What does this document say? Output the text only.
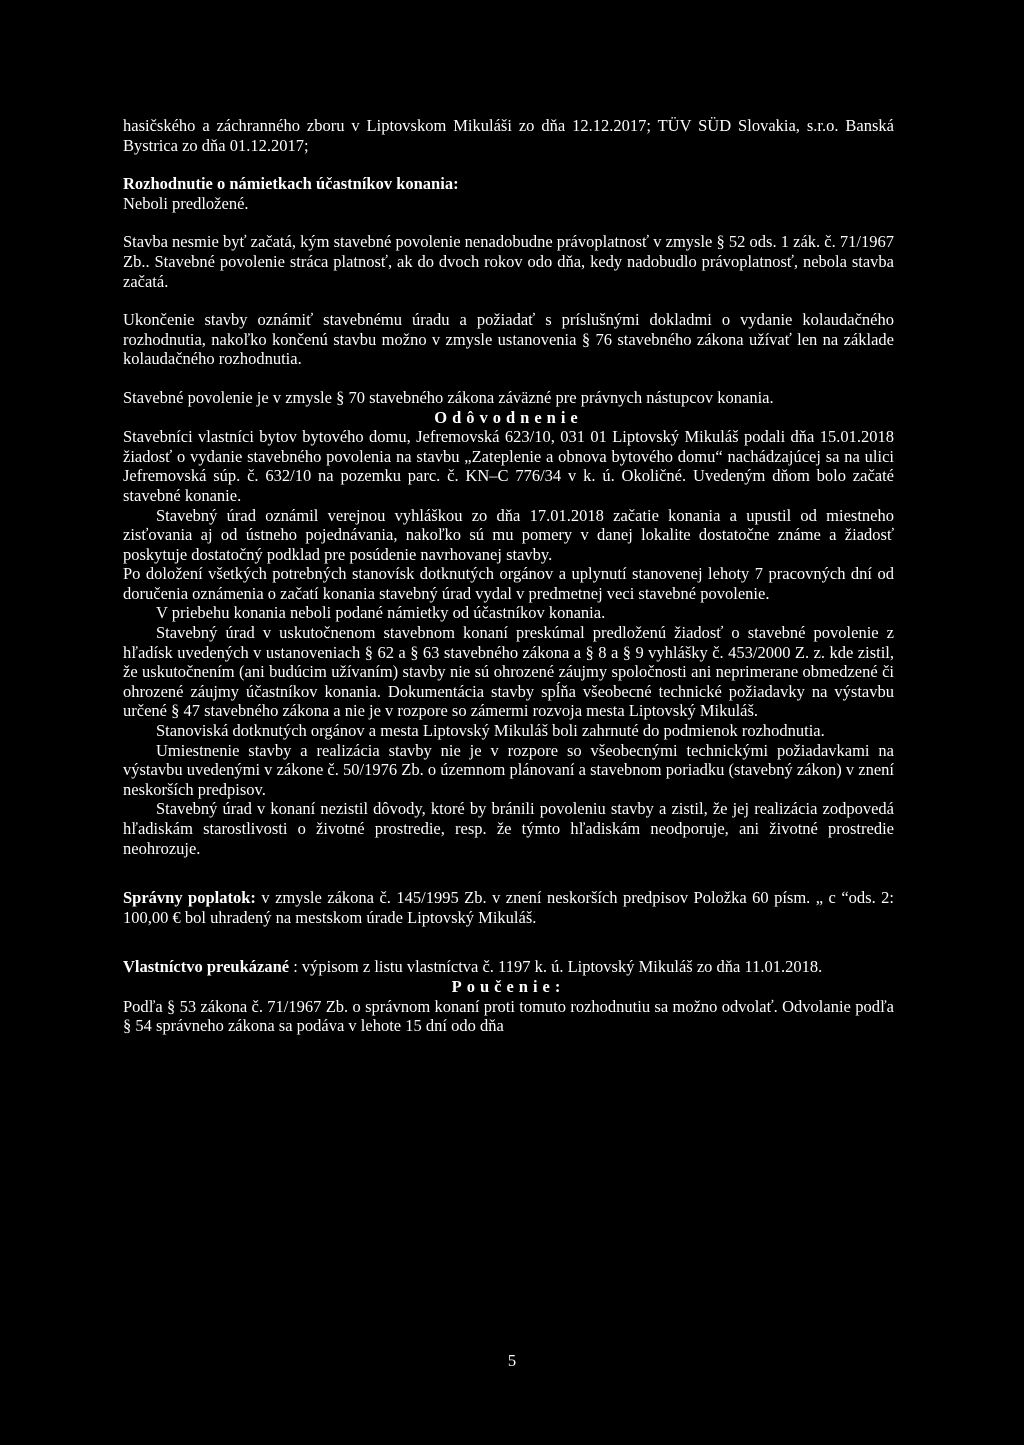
hasičského a záchranného zboru v Liptovskom Mikuláši zo dňa 12.12.2017; TÜV SÜD Slovakia, s.r.o. Banská Bystrica zo dňa 01.12.2017;

Rozhodnutie o námietkach účastníkov konania:

Neboli predložené.

Stavba nesmie byť začatá, kým stavebné povolenie nenadobudne právoplatnosť v zmysle § 52 ods. 1 zák. č. 71/1967 Zb.. Stavebné povolenie stráca platnosť, ak do dvoch rokov odo dňa, kedy nadobudlo právoplatnosť, nebola stavba začatá.

Ukončenie stavby oznámiť stavebnému úradu a požiadať s príslušnými dokladmi o vydanie kolaudačného rozhodnutia, nakoľko končenú stavbu možno v zmysle ustanovenia § 76 stavebného zákona užívať len na základe kolaudačného rozhodnutia.

Stavebné povolenie je v zmysle § 70 stavebného zákona záväzné pre právnych nástupcov konania.

Odôvodnenie

Stavebníci vlastníci bytov bytového domu, Jefremovská 623/10, 031 01 Liptovský Mikuláš podali dňa 15.01.2018 žiadosť o vydanie stavebného povolenia na stavbu „Zateplenie a obnova bytového domu“ nachádzajúcej sa na ulici Jefremovská súp. č. 632/10 na pozemku parc. č. KN–C 776/34 v k. ú. Okoličné. Uvedeným dňom bolo začaté stavebné konanie.

Stavebný úrad oznámil verejnou vyhláškou zo dňa 17.01.2018 začatie konania a upustil od miestneho zisťovania aj od ústneho pojednávania, nakoľko sú mu pomery v danej lokalite dostatočne známe a žiadosť poskytuje dostatočný podklad pre posúdenie navrhovanej stavby.

Po doložení všetkých potrebných stanovísk dotknutých orgánov a uplynutí stanovenej lehoty 7 pracovných dní od doručenia oznámenia o začatí konania stavebný úrad vydal v predmetnej veci stavebné povolenie.

V priebehu konania neboli podané námietky od účastníkov konania.

Stavebný úrad v uskutočnenom stavebnom konaní preskúmal predloženú žiadosť o stavebné povolenie z hľadísk uvedených v ustanoveniach § 62 a § 63 stavebného zákona a § 8 a § 9 vyhlášky č. 453/2000 Z. z. kde zistil, že uskutočnením (ani budúcim užívaním) stavby nie sú ohrozené záujmy spoločnosti ani neprimerane obmedzené či ohrozené záujmy účastníkov konania. Dokumentácia stavby spĺňa všeobecné technické požiadavky na výstavbu určené § 47 stavebného zákona a nie je v rozpore so zámermi rozvoja mesta Liptovský Mikuláš.

Stanoviská dotknutých orgánov a mesta Liptovský Mikuláš boli zahrnuté do podmienok rozhodnutia.

Umiestnenie stavby a realizácia stavby nie je v rozpore so všeobecnými technickými požiadavkami na výstavbu uvedenými v zákone č. 50/1976 Zb. o územnom plánovaní a stavebnom poriadku (stavebný zákon) v znení neskorších predpisov.

Stavebný úrad v konaní nezistil dôvody, ktoré by bránili povoleniu stavby a zistil, že jej realizácia zodpovedá hľadiskám starostlivosti o životné prostredie, resp. že týmto hľadiskám neodporuje, ani životné prostredie neohrozuje.

Správny poplatok: v zmysle zákona č. 145/1995 Zb. v znení neskorších predpisov Položka 60 písm. „ c “ods. 2: 100,00 € bol uhradený na mestskom úrade Liptovský Mikuláš.

Vlastníctvo preukázané : výpisom z listu vlastníctva č. 1197 k. ú. Liptovský Mikuláš zo dňa 11.01.2018.

Poučenie:

Podľa § 53 zákona č. 71/1967 Zb. o správnom konaní proti tomuto rozhodnutiu sa možno odvolať. Odvolanie podľa § 54 správneho zákona sa podáva v lehote 15 dní odo dňa

5
